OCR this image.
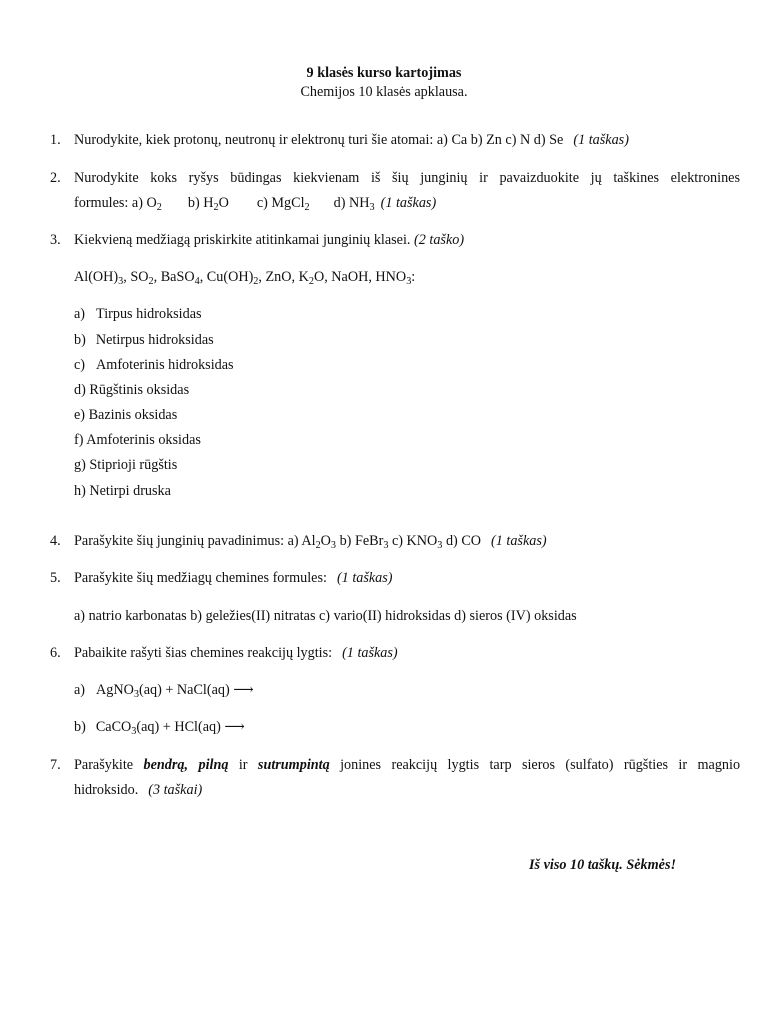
9 klasės kurso kartojimas
Chemijos 10 klasės apklausa.
1. Nurodykite, kiek protonų, neutronų ir elektronų turi šie atomai: a) Ca b) Zn c) N d) Se (1 taškas)
2. Nurodykite koks ryšys būdingas kiekvienam iš šių junginių ir pavaizduokite jų taškines elektronines
formules: a) $O_2$ b) $H_2O$ c) MgCl$_2$ d) $NH_3$ (1 taškas)
3. Kiekvieną medžiagą priskirkite atitinkamai junginių klasei. (2 taško)
$Al(OH)_3$, $SO_2$, BaSO$_4$, $Cu(OH)_2$, ZnO, $K_2O$, NaOH, $HNO_3$:
a) Tirpus hidroksidas
b) Netirpus hidroksidas
c) Amfoterinis hidroksidas
d) Rūgštinis oksidas
e) Bazinis oksidas
f) Amfoterinis oksidas
g) Stiprioji rūgštis
h) Netirpi druska
4. Parašykite šių junginių pavadinimus: a) $Al_2O_3$ b) FeBr$_3$ c) $KNO_3$ d) CO (1 taškas)
5. Parašykite šių medžiagų chemines formules: (1 taškas)
a) natrio karbonatas b) geležies(II) nitratas c) vario(II) hidroksidas d) sieros (IV) oksidas
6. Pabaikite rašyti šias chemines reakcijų lygtis: (1 taškas)
a) AgNO$_3$(aq) + NaCl(aq) ⟶
b) CaCO$_3$(aq) + HCl(aq) ⟶
7. Parašykite bendrą, pilną ir sutrumpintą jonines reakcijų lygtis tarp sieros (sulfato) rūgšties ir magnio
hidroksido. (3 taškai)
Iš viso 10 taškų. Sėkmės!
